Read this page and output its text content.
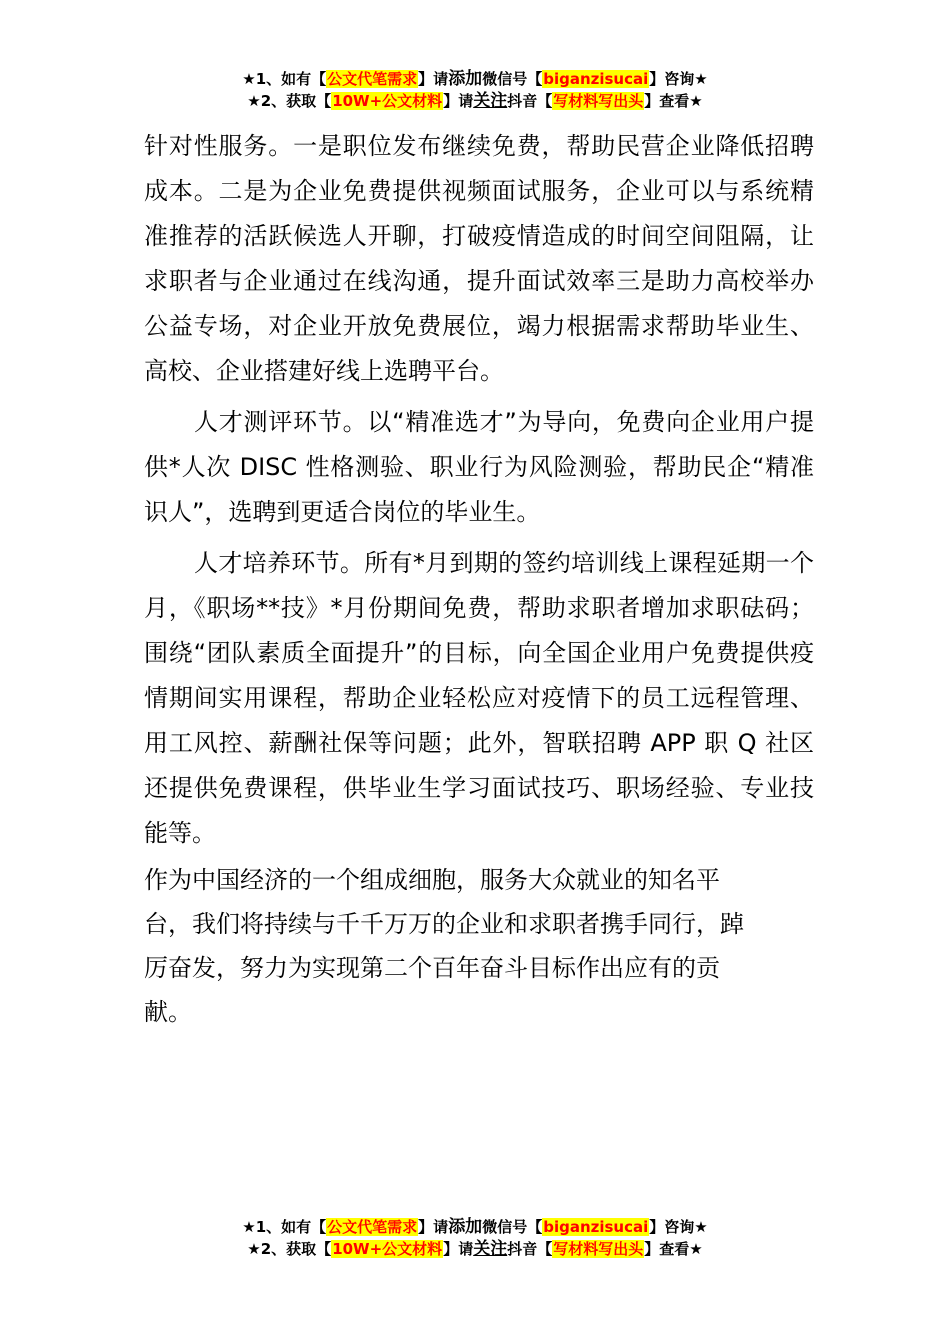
★1、如有【公文代笔需求】请添加微信号【biganzisucai】咨询★
★2、获取【10W+公文材料】请关注抖音【写材料写出头】查看★

针对性服务。一是职位发布继续免费，帮助民营企业降低招聘成本。二是为企业免费提供视频面试服务，企业可以与系统精准推荐的活跃候选人开聊，打破疫情造成的时间空间阻隔，让求职者与企业通过在线沟通，提升面试效率三是助力高校举办公益专场，对企业开放免费展位，竭力根据需求帮助毕业生、高校、企业搭建好线上选聘平台。

人才测评环节。以“精准选才”为导向，免费向企业用户提供*人次 DISC 性格测验、职业行为风险测验，帮助民企“精准识人”，选聘到更适合岗位的毕业生。

人才培养环节。所有*月到期的签约培训线上课程延期一个月，《职场**技》*月份期间免费，帮助求职者增加求职砝码；围绕“团队素质全面提升”的目标，向全国企业用户免费提供疫情期间实用课程，帮助企业轻松应对疫情下的员工远程管理、用工风控、薪酬社保等问题；此外，智联招聘 APP 职 Q 社区还提供免费课程，供毕业生学习面试技巧、职场经验、专业技能等。

作为中国经济的一个组成细胞，服务大众就业的知名平
台，我们将持续与千千万万的企业和求职者携手同行，踔
厉奋发，努力为实现第二个百年奋斗目标作出应有的贡
献。
★1、如有【公文代笔需求】请添加微信号【biganzisucai】咨询★
★2、获取【10W+公文材料】请关注抖音【写材料写出头】查看★
